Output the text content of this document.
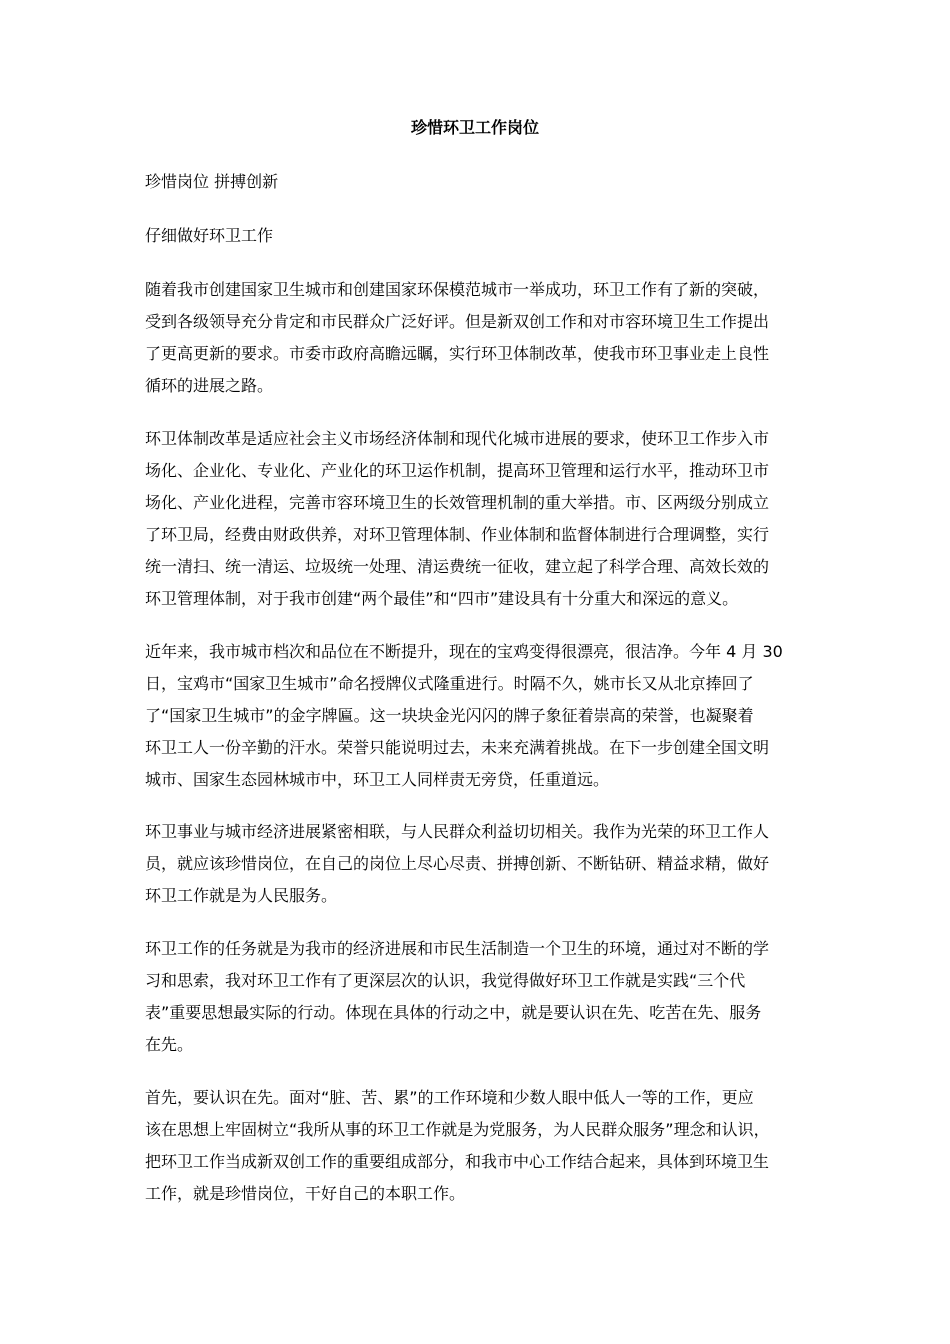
珍惜环卫工作岗位

珍惜岗位 拼搏创新

仔细做好环卫工作

随着我市创建国家卫生城市和创建国家环保模范城市一举成功，环卫工作有了新的突破，
受到各级领导充分肯定和市民群众广泛好评。但是新双创工作和对市容环境卫生工作提出
了更高更新的要求。市委市政府高瞻远瞩，实行环卫体制改革，使我市环卫事业走上良性
循环的进展之路。
环卫体制改革是适应社会主义市场经济体制和现代化城市进展的要求，使环卫工作步入市
场化、企业化、专业化、产业化的环卫运作机制，提高环卫管理和运行水平，推动环卫市
场化、产业化进程，完善市容环境卫生的长效管理机制的重大举措。市、区两级分别成立
了环卫局，经费由财政供养，对环卫管理体制、作业体制和监督体制进行合理调整，实行
统一清扫、统一清运、垃圾统一处理、清运费统一征收，建立起了科学合理、高效长效的
环卫管理体制，对于我市创建“两个最佳”和“四市”建设具有十分重大和深远的意义。
近年来，我市城市档次和品位在不断提升，现在的宝鸡变得很漂亮，很洁净。今年 4 月 30
日，宝鸡市“国家卫生城市”命名授牌仪式隆重进行。时隔不久，姚市长又从北京捧回了
了“国家卫生城市”的金字牌匾。这一块块金光闪闪的牌子象征着崇高的荣誉，也凝聚着
环卫工人一份辛勤的汗水。荣誉只能说明过去，未来充满着挑战。在下一步创建全国文明
城市、国家生态园林城市中，环卫工人同样责无旁贷，任重道远。
环卫事业与城市经济进展紧密相联，与人民群众利益切切相关。我作为光荣的环卫工作人
员，就应该珍惜岗位，在自己的岗位上尽心尽责、拼搏创新、不断钻研、精益求精，做好
环卫工作就是为人民服务。
环卫工作的任务就是为我市的经济进展和市民生活制造一个卫生的环境，通过对不断的学
习和思索，我对环卫工作有了更深层次的认识，我觉得做好环卫工作就是实践“三个代
表”重要思想最实际的行动。体现在具体的行动之中，就是要认识在先、吃苦在先、服务
在先。
首先，要认识在先。面对“脏、苦、累”的工作环境和少数人眼中低人一等的工作，更应
该在思想上牢固树立“我所从事的环卫工作就是为党服务，为人民群众服务”理念和认识，
把环卫工作当成新双创工作的重要组成部分，和我市中心工作结合起来，具体到环境卫生
工作，就是珍惜岗位，干好自己的本职工作。
